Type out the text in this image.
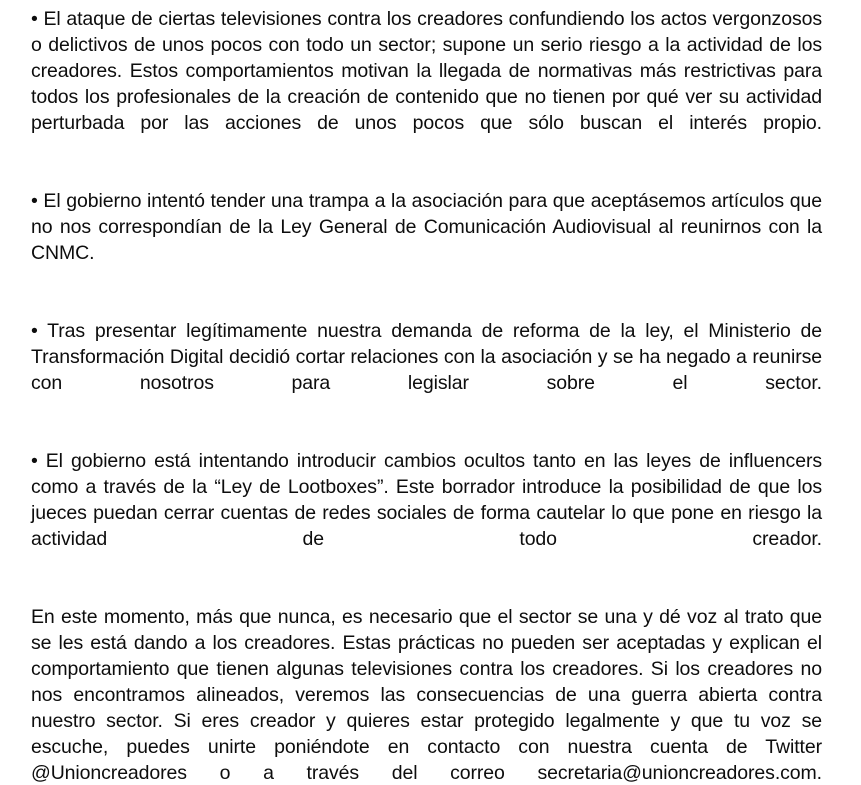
• El ataque de ciertas televisiones contra los creadores confundiendo los actos vergonzosos o delictivos de unos pocos con todo un sector; supone un serio riesgo a la actividad de los creadores. Estos comportamientos motivan la llegada de normativas más restrictivas para todos los profesionales de la creación de contenido que no tienen por qué ver su actividad perturbada por las acciones de unos pocos que sólo buscan el interés propio.

• El gobierno intentó tender una trampa a la asociación para que aceptásemos artículos que no nos correspondían de la Ley General de Comunicación Audiovisual al reunirnos con la CNMC.

• Tras presentar legítimamente nuestra demanda de reforma de la ley, el Ministerio de Transformación Digital decidió cortar relaciones con la asociación y se ha negado a reunirse con nosotros para legislar sobre el sector.

• El gobierno está intentando introducir cambios ocultos tanto en las leyes de influencers como a través de la “Ley de Lootboxes”. Este borrador introduce la posibilidad de que los jueces puedan cerrar cuentas de redes sociales de forma cautelar lo que pone en riesgo la actividad de todo creador.

En este momento, más que nunca, es necesario que el sector se una y dé voz al trato que se les está dando a los creadores. Estas prácticas no pueden ser aceptadas y explican el comportamiento que tienen algunas televisiones contra los creadores. Si los creadores no nos encontramos alineados, veremos las consecuencias de una guerra abierta contra nuestro sector. Si eres creador y quieres estar protegido legalmente y que tu voz se escuche, puedes unirte poniéndote en contacto con nuestra cuenta de Twitter @Unioncreadores o a través del correo secretaria@unioncreadores.com.
